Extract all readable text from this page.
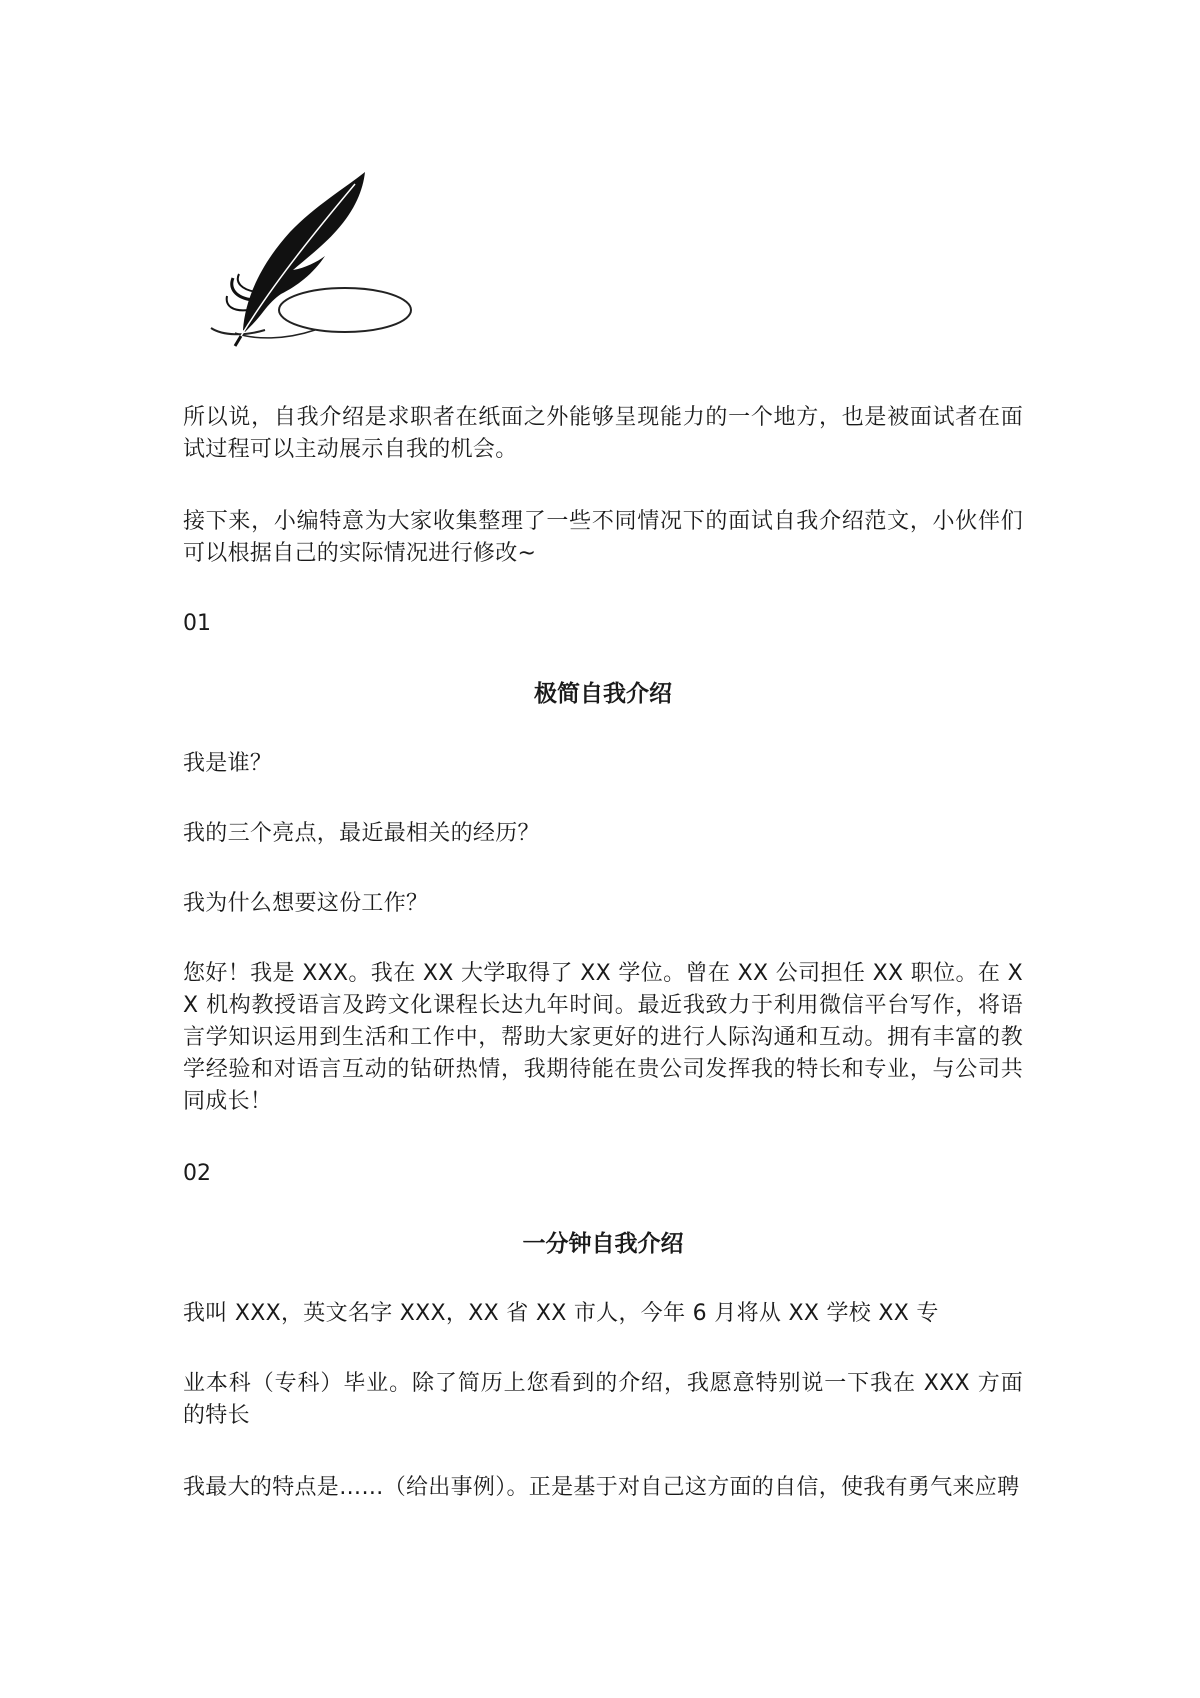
所以说，自我介绍是求职者在纸面之外能够呈现能力的一个地方，也是被面试者在面试过程可以主动展示自我的机会。

接下来，小编特意为大家收集整理了一些不同情况下的面试自我介绍范文，小伙伴们可以根据自己的实际情况进行修改~

01

极简自我介绍

我是谁？

我的三个亮点，最近最相关的经历？

我为什么想要这份工作？

您好！我是 XXX。我在 XX 大学取得了 XX 学位。曾在 XX 公司担任 XX 职位。在 XX 机构教授语言及跨文化课程长达九年时间。最近我致力于利用微信平台写作，将语言学知识运用到生活和工作中，帮助大家更好的进行人际沟通和互动。拥有丰富的教学经验和对语言互动的钻研热情，我期待能在贵公司发挥我的特长和专业，与公司共同成长！

02

一分钟自我介绍

我叫 XXX，英文名字 XXX，XX 省 XX 市人，今年 6 月将从 XX 学校 XX 专

业本科（专科）毕业。除了简历上您看到的介绍，我愿意特别说一下我在 XXX 方面的特长

我最大的特点是……（给出事例）。正是基于对自己这方面的自信，使我有勇气来应聘
